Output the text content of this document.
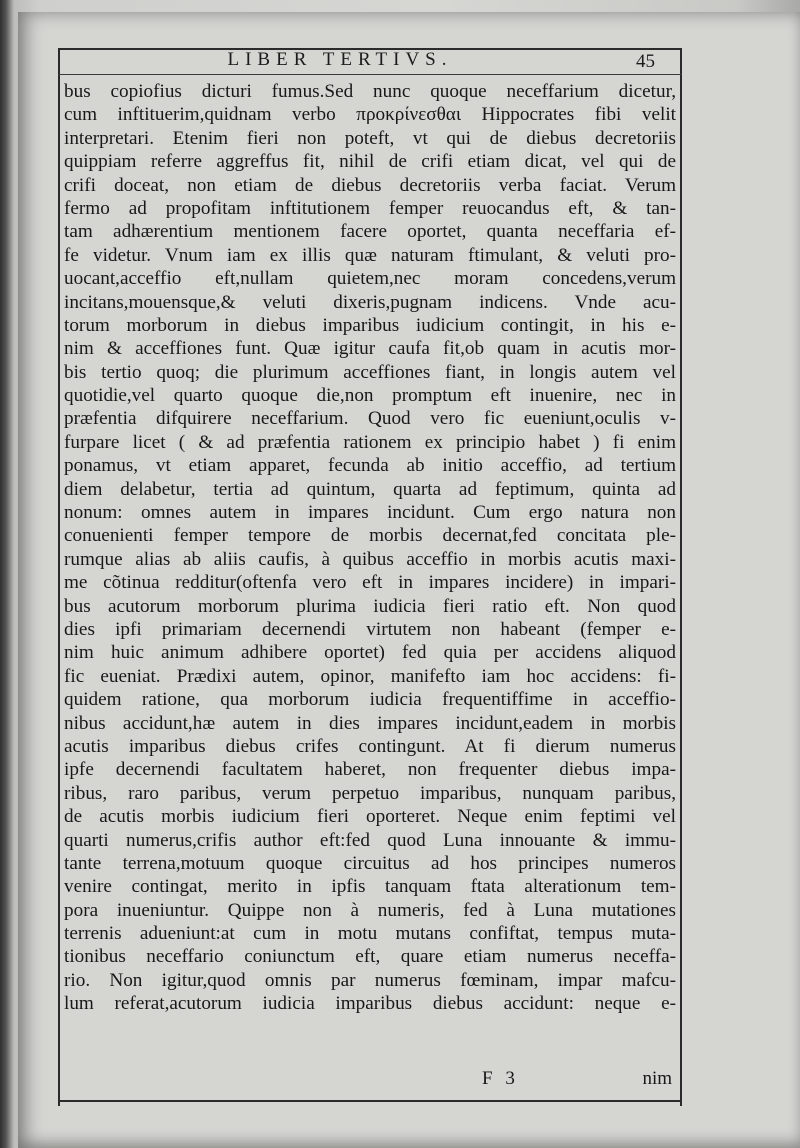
LIBER TERTIVS.	45
bus copiofius dicturi fumus.Sed nunc quoque neceffarium dicetur,
cum inftituerim,quidnam verbo προκρίνεσθαι Hippocrates fibi velit
interpretari. Etenim fieri non poteft, vt qui de diebus decretoriis
quippiam referre aggreffus fit, nihil de crifi etiam dicat, vel qui de
crifi doceat, non etiam de diebus decretoriis verba faciat. Verum
fermo ad propofitam inftitutionem femper reuocandus eft, & tan-
tam adhærentium mentionem facere oportet, quanta neceffaria ef-
fe videtur. Vnum iam ex illis quæ naturam ftimulant, & veluti pro-
uocant,acceffio eft,nullam quietem,nec moram concedens,verum
incitans,mouensque,& veluti dixeris,pugnam indicens. Vnde acu-
torum morborum in diebus imparibus iudicium contingit, in his e-
nim & acceffiones funt. Quæ igitur caufa fit,ob quam in acutis mor-
bis tertio quoq; die plurimum acceffiones fiant, in longis autem vel
quotidie,vel quarto quoque die,non promptum eft inuenire, nec in
præfentia difquirere neceffarium. Quod vero fic eueniunt,oculis v-
furpare licet ( & ad præfentia rationem ex principio habet ) fi enim
ponamus, vt etiam apparet, fecunda ab initio acceffio, ad tertium
diem delabetur, tertia ad quintum, quarta ad feptimum, quinta ad
nonum: omnes autem in impares incidunt. Cum ergo natura non
conuenienti femper tempore de morbis decernat,fed concitata ple-
rumque alias ab aliis caufis, à quibus acceffio in morbis acutis maxi-
me cõtinua redditur(oftenfa vero eft in impares incidere) in impari-
bus acutorum morborum plurima iudicia fieri ratio eft. Non quod
dies ipfi primariam decernendi virtutem non habeant (femper e-
nim huic animum adhibere oportet) fed quia per accidens aliquod
fic eueniat. Prædixi autem, opinor, manifefto iam hoc accidens: fi-
quidem ratione, qua morborum iudicia frequentiffime in acceffio-
nibus accidunt,hæ autem in dies impares incidunt,eadem in morbis
acutis imparibus diebus crifes contingunt. At fi dierum numerus
ipfe decernendi facultatem haberet, non frequenter diebus impa-
ribus, raro paribus, verum perpetuo imparibus, nunquam paribus,
de acutis morbis iudicium fieri oporteret. Neque enim feptimi vel
quarti numerus,crifis author eft:fed quod Luna innouante & immu-
tante terrena,motuum quoque circuitus ad hos principes numeros
venire contingat, merito in ipfis tanquam ftata alterationum tem-
pora inueniuntur. Quippe non à numeris, fed à Luna mutationes
terrenis adueniunt:at cum in motu mutans confiftat, tempus muta-
tionibus neceffario coniunctum eft, quare etiam numerus neceffa-
rio. Non igitur,quod omnis par numerus fœminam, impar mafcu-
lum referat,acutorum iudicia imparibus diebus accidunt: neque e-
F 3	nim
